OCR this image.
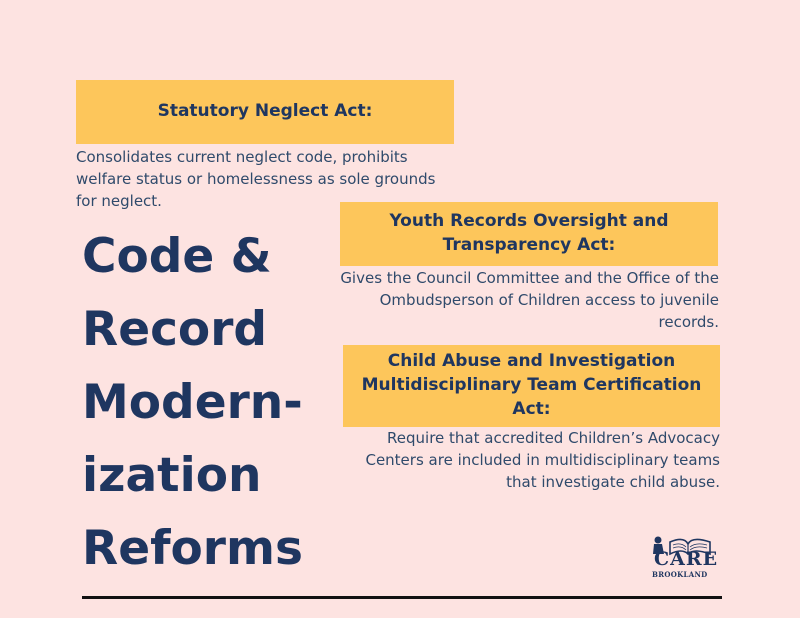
Statutory Neglect Act:
Consolidates current neglect code, prohibits welfare status or homelessness as sole grounds for neglect.
Youth Records Oversight and Transparency Act:
Gives the Council Committee and the Office of the Ombudsperson of Children access to juvenile records.
Child Abuse and Investigation Multidisciplinary Team Certification Act:
Require that accredited Children’s Advocacy Centers are included in multidisciplinary teams that investigate child abuse.
Code &
Record
Modern-
ization
Reforms	CARE
BROOKLAND
